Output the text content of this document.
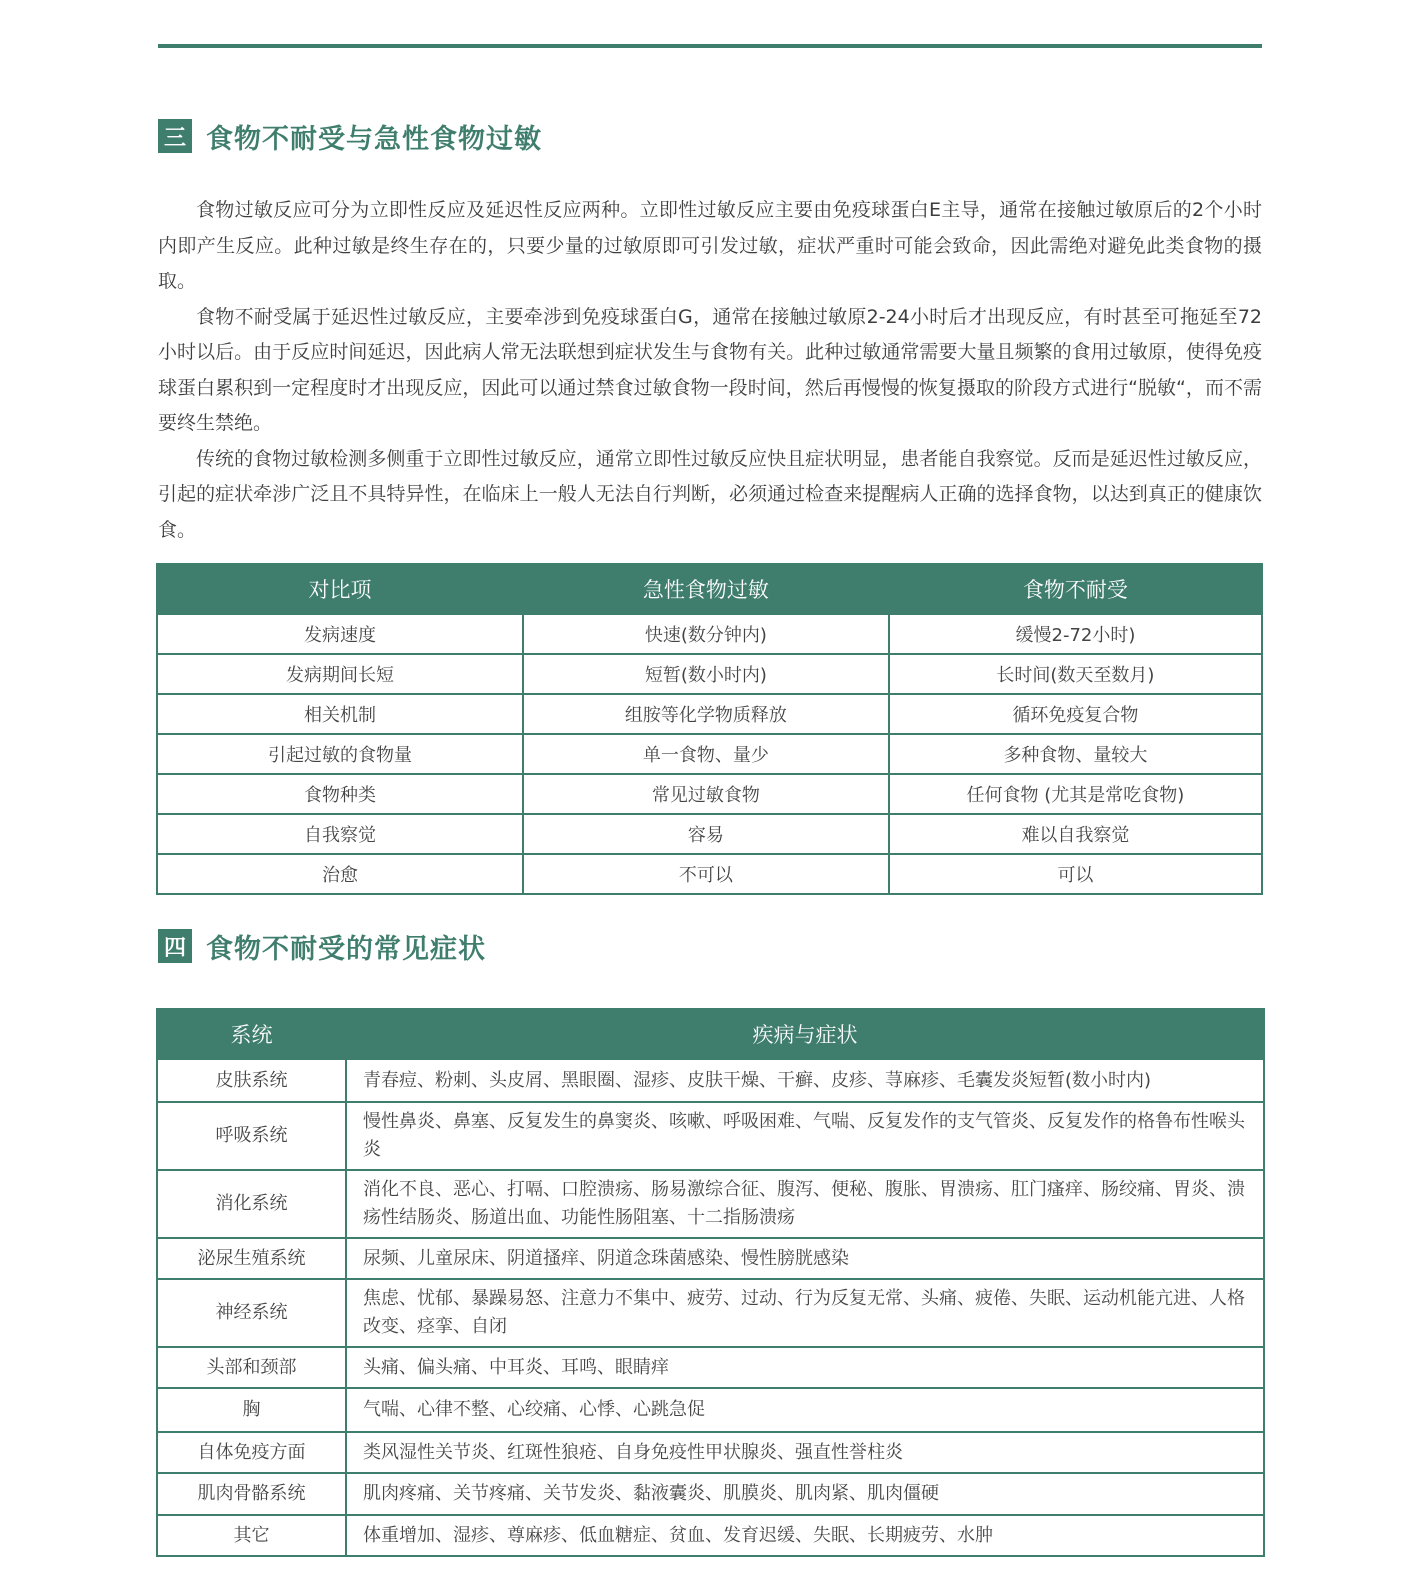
三 食物不耐受与急性食物过敏

食物过敏反应可分为立即性反应及延迟性反应两种。立即性过敏反应主要由免疫球蛋白E主导，通常在接触过敏原后的2个小时内即产生反应。此种过敏是终生存在的，只要少量的过敏原即可引发过敏，症状严重时可能会致命，因此需绝对避免此类食物的摄取。

食物不耐受属于延迟性过敏反应，主要牵涉到免疫球蛋白G，通常在接触过敏原2-24小时后才出现反应，有时甚至可拖延至72小时以后。由于反应时间延迟，因此病人常无法联想到症状发生与食物有关。此种过敏通常需要大量且频繁的食用过敏原，使得免疫球蛋白累积到一定程度时才出现反应，因此可以通过禁食过敏食物一段时间，然后再慢慢的恢复摄取的阶段方式进行“脱敏“，而不需要终生禁绝。

传统的食物过敏检测多侧重于立即性过敏反应，通常立即性过敏反应快且症状明显，患者能自我察觉。反而是延迟性过敏反应，引起的症状牵涉广泛且不具特异性，在临床上一般人无法自行判断，必须通过检查来提醒病人正确的选择食物，以达到真正的健康饮食。

对比项	急性食物过敏	食物不耐受
发病速度	快速(数分钟内)	缓慢2-72小时)
发病期间长短	短暂(数小时内)	长时间(数天至数月)
相关机制	组胺等化学物质释放	循环免疫复合物
引起过敏的食物量	单一食物、量少	多种食物、量较大
食物种类	常见过敏食物	任何食物 (尤其是常吃食物)
自我察觉	容易	难以自我察觉
治愈	不可以	可以
四 食物不耐受的常见症状
系统	疾病与症状
皮肤系统	青春痘、粉刺、头皮屑、黑眼圈、湿疹、皮肤干燥、干癣、皮疹、荨麻疹、毛囊发炎短暂(数小时内)
呼吸系统	慢性鼻炎、鼻塞、反复发生的鼻窦炎、咳嗽、呼吸困难、气喘、反复发作的支气管炎、反复发作的格鲁布性喉头炎
消化系统	消化不良、恶心、打嗝、口腔溃疡、肠易激综合征、腹泻、便秘、腹胀、胃溃疡、肛门瘙痒、肠绞痛、胃炎、溃疡性结肠炎、肠道出血、功能性肠阻塞、十二指肠溃疡
泌尿生殖系统	尿频、儿童尿床、阴道搔痒、阴道念珠菌感染、慢性膀胱感染
神经系统	焦虑、忧郁、暴躁易怒、注意力不集中、疲劳、过动、行为反复无常、头痛、疲倦、失眠、运动机能亢进、人格改变、痉挛、自闭
头部和颈部	头痛、偏头痛、中耳炎、耳鸣、眼睛痒
胸	气喘、心律不整、心绞痛、心悸、心跳急促
自体免疫方面	类风湿性关节炎、红斑性狼疮、自身免疫性甲状腺炎、强直性誉柱炎
肌肉骨骼系统	肌肉疼痛、关节疼痛、关节发炎、黏液囊炎、肌膜炎、肌肉紧、肌肉僵硬
其它	体重增加、湿疹、尊麻疹、低血糖症、贫血、发育迟缓、失眠、长期疲劳、水肿
